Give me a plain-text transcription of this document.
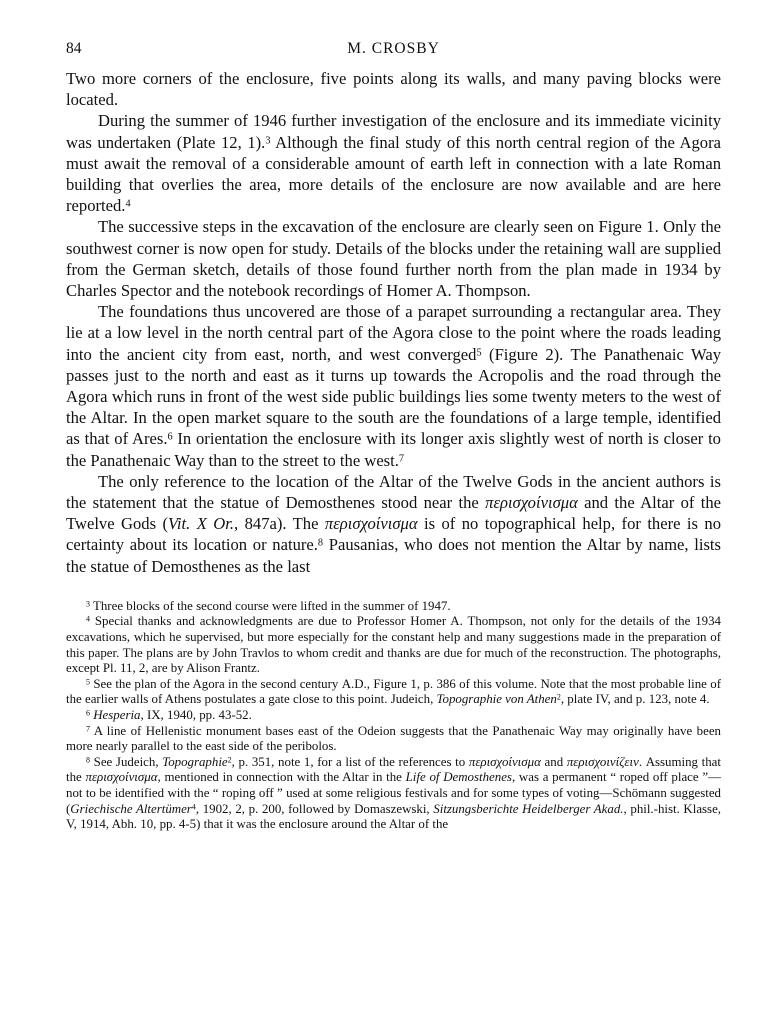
84	M. CROSBY

Two more corners of the enclosure, five points along its walls, and many paving blocks were located.

During the summer of 1946 further investigation of the enclosure and its immediate vicinity was undertaken (Plate 12, 1).$^3$ Although the final study of this north central region of the Agora must await the removal of a considerable amount of earth left in connection with a late Roman building that overlies the area, more details of the enclosure are now available and are here reported.$^4$

The successive steps in the excavation of the enclosure are clearly seen on Figure 1. Only the southwest corner is now open for study. Details of the blocks under the retaining wall are supplied from the German sketch, details of those found further north from the plan made in 1934 by Charles Spector and the notebook recordings of Homer A. Thompson.

The foundations thus uncovered are those of a parapet surrounding a rectangular area. They lie at a low level in the north central part of the Agora close to the point where the roads leading into the ancient city from east, north, and west converged$^5$ (Figure 2). The Panathenaic Way passes just to the north and east as it turns up towards the Acropolis and the road through the Agora which runs in front of the west side public buildings lies some twenty meters to the west of the Altar. In the open market square to the south are the foundations of a large temple, identified as that of Ares.$^6$ In orientation the enclosure with its longer axis slightly west of north is closer to the Panathenaic Way than to the street to the west.$^7$

The only reference to the location of the Altar of the Twelve Gods in the ancient authors is the statement that the statue of Demosthenes stood near the περισχοίνισμα and the Altar of the Twelve Gods (Vit. X Or., 847a). The περισχοίνισμα is of no topographical help, for there is no certainty about its location or nature.$^8$ Pausanias, who does not mention the Altar by name, lists the statue of Demosthenes as the last

$^3$ Three blocks of the second course were lifted in the summer of 1947.

$^4$ Special thanks and acknowledgments are due to Professor Homer A. Thompson, not only for the details of the 1934 excavations, which he supervised, but more especially for the constant help and many suggestions made in the preparation of this paper. The plans are by John Travlos to whom credit and thanks are due for much of the reconstruction. The photographs, except Pl. 11, 2, are by Alison Frantz.

$^5$ See the plan of the Agora in the second century A.D., Figure 1, p. 386 of this volume. Note that the most probable line of the earlier walls of Athens postulates a gate close to this point. Judeich, Topographie von Athen$^2$, plate IV, and p. 123, note 4.

$^6$ Hesperia, IX, 1940, pp. 43-52.

$^7$ A line of Hellenistic monument bases east of the Odeion suggests that the Panathenaic Way may originally have been more nearly parallel to the east side of the peribolos.

$^8$ See Judeich, Topographie$^2$, p. 351, note 1, for a list of the references to περισχοίνισμα and περισχοινίζειν. Assuming that the περισχοίνισμα, mentioned in connection with the Altar in the Life of Demosthenes, was a permanent “ roped off place ”—not to be identified with the “ roping off ” used at some religious festivals and for some types of voting—Schömann suggested (Griechische Altertümer$^4$, 1902, 2, p. 200, followed by Domaszewski, Sitzungsberichte Heidelberger Akad., phil.-hist. Klasse, V, 1914, Abh. 10, pp. 4-5) that it was the enclosure around the Altar of the
